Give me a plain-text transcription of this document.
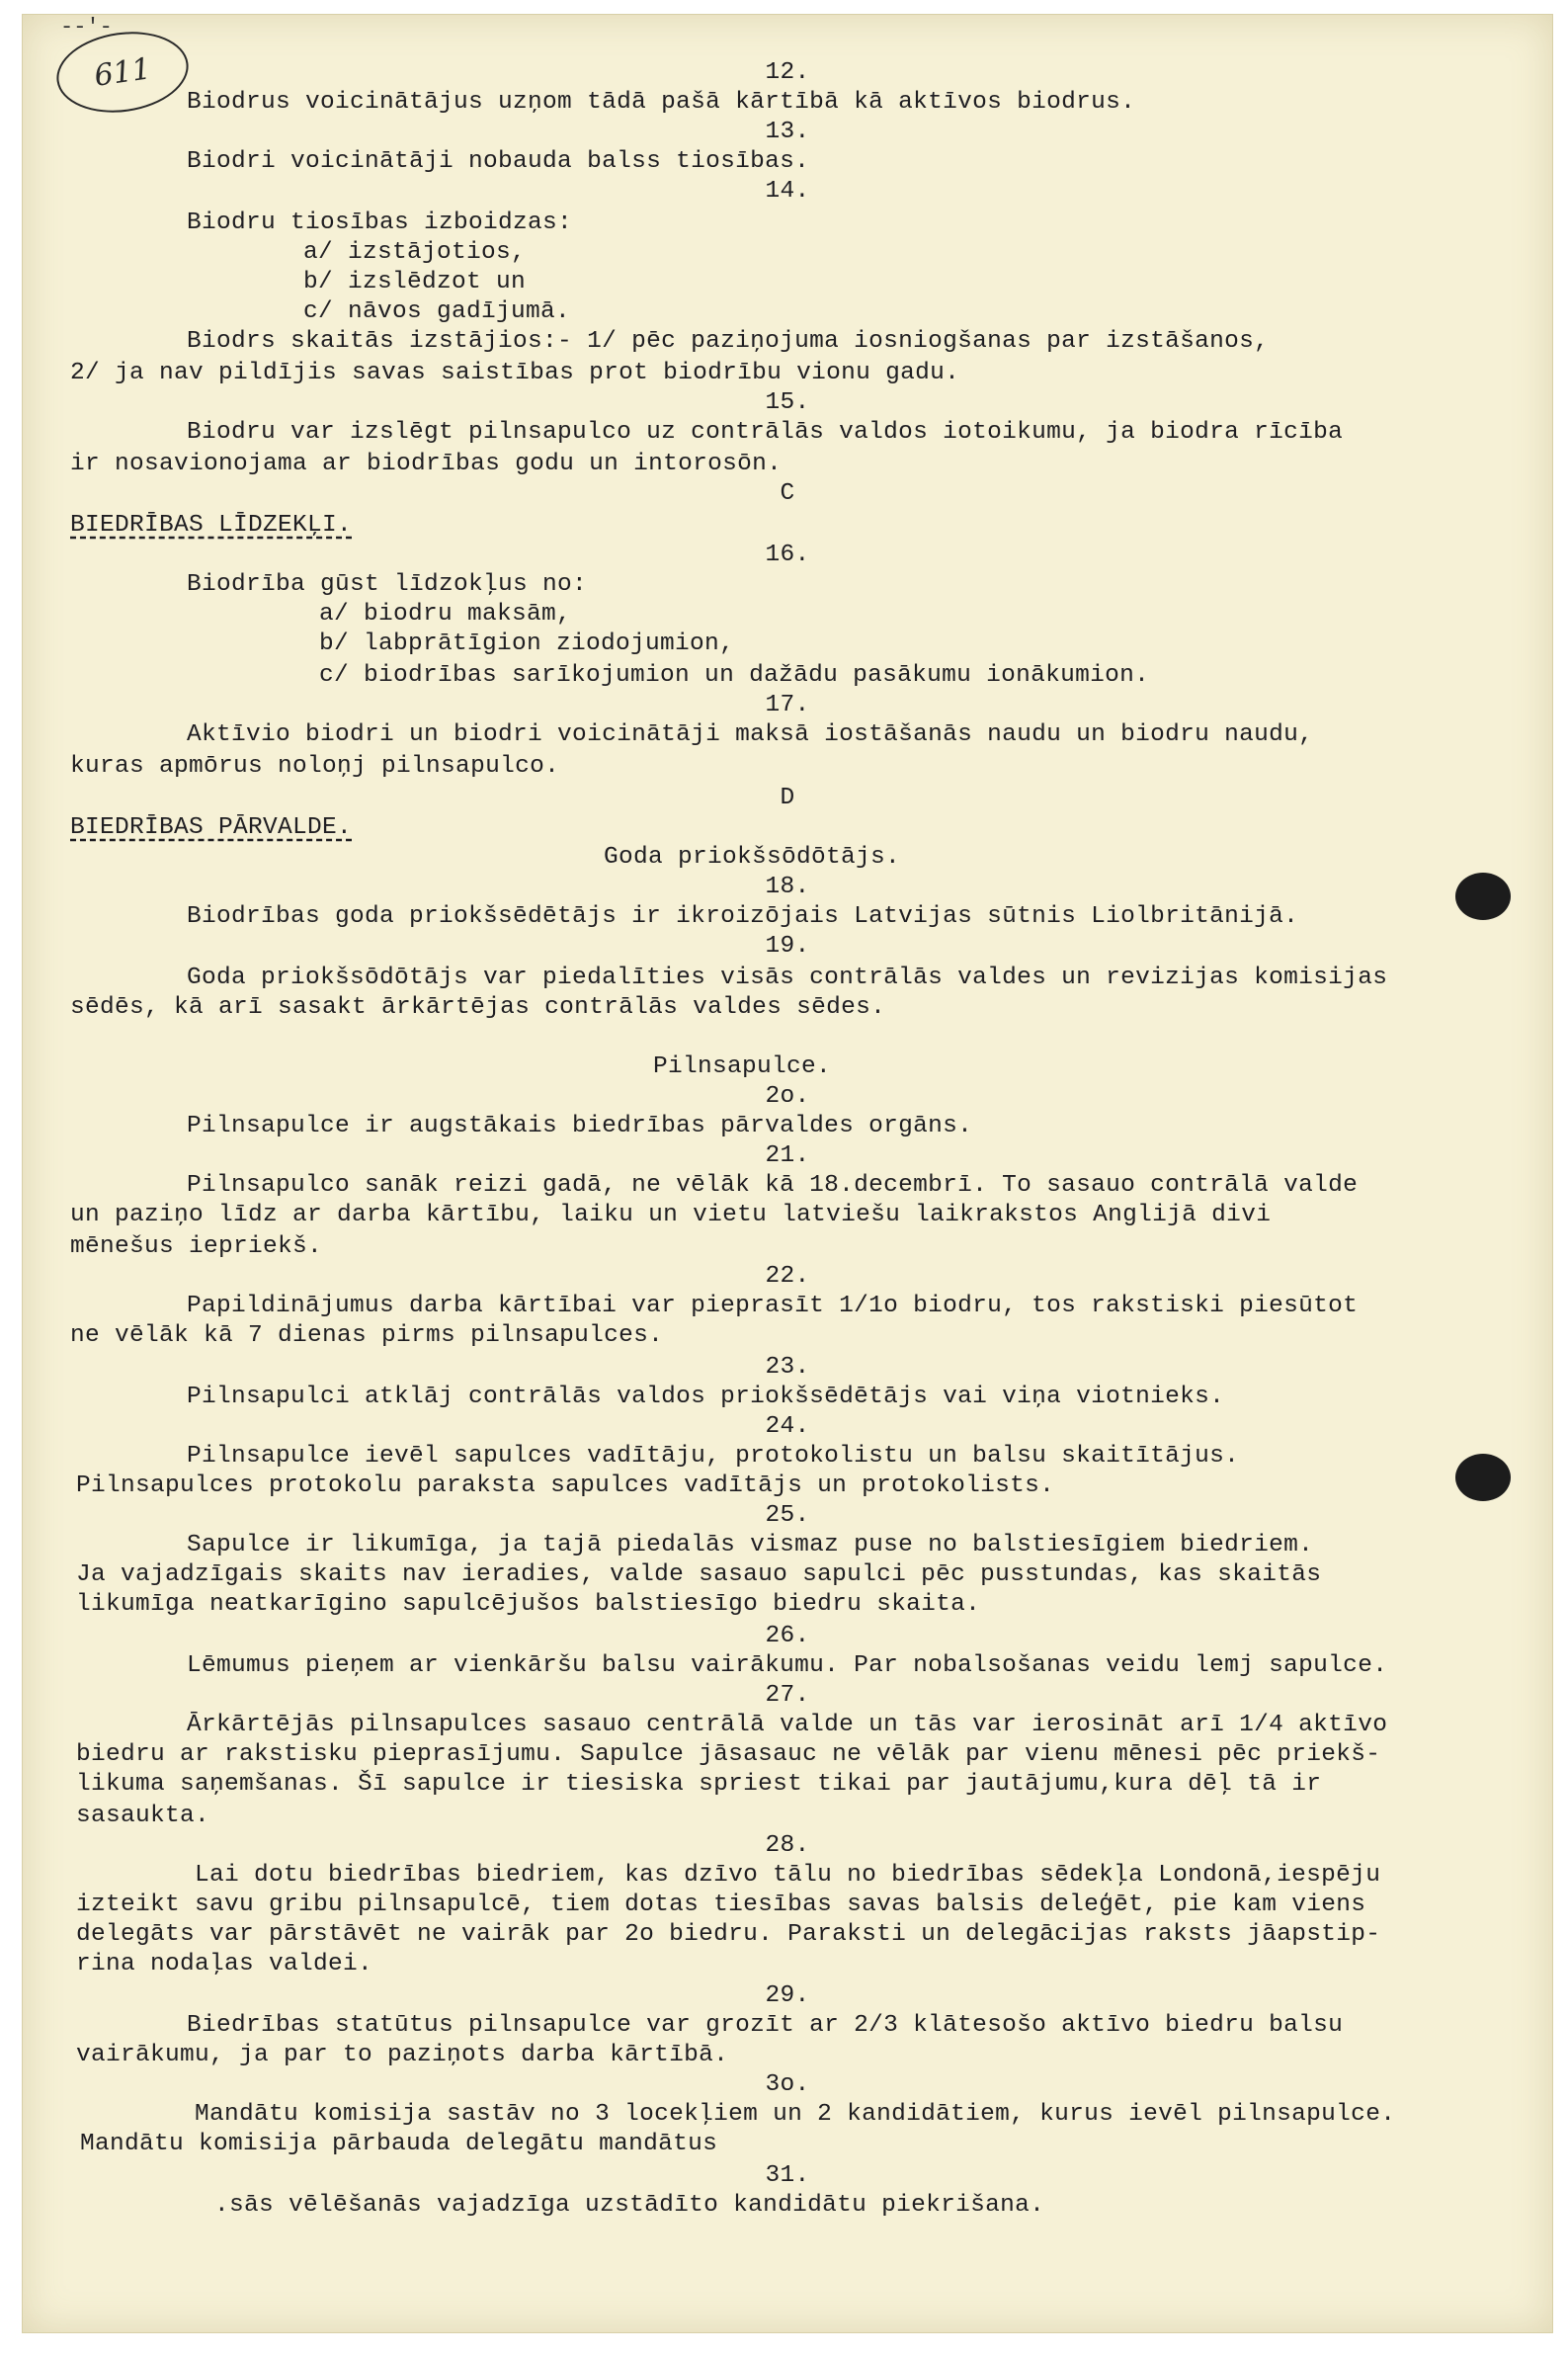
611
--'-
12.
Biodrus voicinātājus uzņom tādā pašā kārtībā kā aktīvos biodrus.
13.
Biodri voicinātāji nobauda balss tiosības.
14.
Biodru tiosības izboidzas:
a/ izstājotios,
b/ izslēdzot un
c/ nāvos gadījumā.
Biodrs skaitās izstājios:- 1/ pēc paziņojuma iosniogšanas par izstāšanos,
2/ ja nav pildījis savas saistības prot biodrību vionu gadu.
15.
Biodru var izslēgt pilnsapulco uz contrālās valdos iotoikumu, ja biodra rīcība
ir nosavionojama ar biodrības godu un intorosōn.
C
BIEDRĪBAS LĪDZEKĻI.
16.
Biodrība gūst līdzokļus no:
a/ biodru maksām,
b/ labprātīgion ziodojumion,
c/ biodrības sarīkojumion un dažādu pasākumu ionākumion.
17.
Aktīvio biodri un biodri voicinātāji maksā iostāšanās naudu un biodru naudu,
kuras apmōrus noloņj pilnsapulco.
D
BIEDRĪBAS PĀRVALDE.
Goda priokšsōdōtājs.
18.
Biodrības goda priokšsēdētājs ir ikroizōjais Latvijas sūtnis Liolbritānijā.
19.
Goda priokšsōdōtājs var piedalīties visās contrālās valdes un revizijas komisijas
sēdēs, kā arī sasakt ārkārtējas contrālās valdes sēdes.
Pilnsapulce.
2o.
Pilnsapulce ir augstākais biedrības pārvaldes orgāns.
21.
Pilnsapulco sanāk reizi gadā, ne vēlāk kā 18.decembrī. To sasauo contrālā valde
un paziņo līdz ar darba kārtību, laiku un vietu latviešu laikrakstos Anglijā divi
mēnešus iepriekš.
22.
Papildinājumus darba kārtībai var pieprasīt 1/1o biodru, tos rakstiski piesūtot
ne vēlāk kā 7 dienas pirms pilnsapulces.
23.
Pilnsapulci atklāj contrālās valdos priokšsēdētājs vai viņa viotnieks.
24.
Pilnsapulce ievēl sapulces vadītāju, protokolistu un balsu skaitītājus.
Pilnsapulces protokolu paraksta sapulces vadītājs un protokolists.
25.
Sapulce ir likumīga, ja tajā piedalās vismaz puse no balstiesīgiem biedriem.
Ja vajadzīgais skaits nav ieradies, valde sasauo sapulci pēc pusstundas, kas skaitās
likumīga neatkarīgino sapulcējušos balstiesīgo biedru skaita.
26.
Lēmumus pieņem ar vienkāršu balsu vairākumu. Par nobalsošanas veidu lemj sapulce.
27.
Ārkārtējās pilnsapulces sasauo centrālā valde un tās var ierosināt arī 1/4 aktīvo
biedru ar rakstisku pieprasījumu. Sapulce jāsasauc ne vēlāk par vienu mēnesi pēc priekš-
likuma saņemšanas. Šī sapulce ir tiesiska spriest tikai par jautājumu,kura dēļ tā ir
sasaukta.
28.
Lai dotu biedrības biedriem, kas dzīvo tālu no biedrības sēdekļa Londonā,iespēju
izteikt savu gribu pilnsapulcē, tiem dotas tiesības savas balsis deleģēt, pie kam viens
delegāts var pārstāvēt ne vairāk par 2o biedru. Paraksti un delegācijas raksts jāapstip-
rina nodaļas valdei.
29.
Biedrības statūtus pilnsapulce var grozīt ar 2/3 klātesošo aktīvo biedru balsu
vairākumu, ja par to paziņots darba kārtībā.
3o.
Mandātu komisija sastāv no 3 locekļiem un 2 kandidātiem, kurus ievēl pilnsapulce.
Mandātu komisija pārbauda delegātu mandātus
31.
.sās vēlēšanās vajadzīga uzstādīto kandidātu piekrišana.
